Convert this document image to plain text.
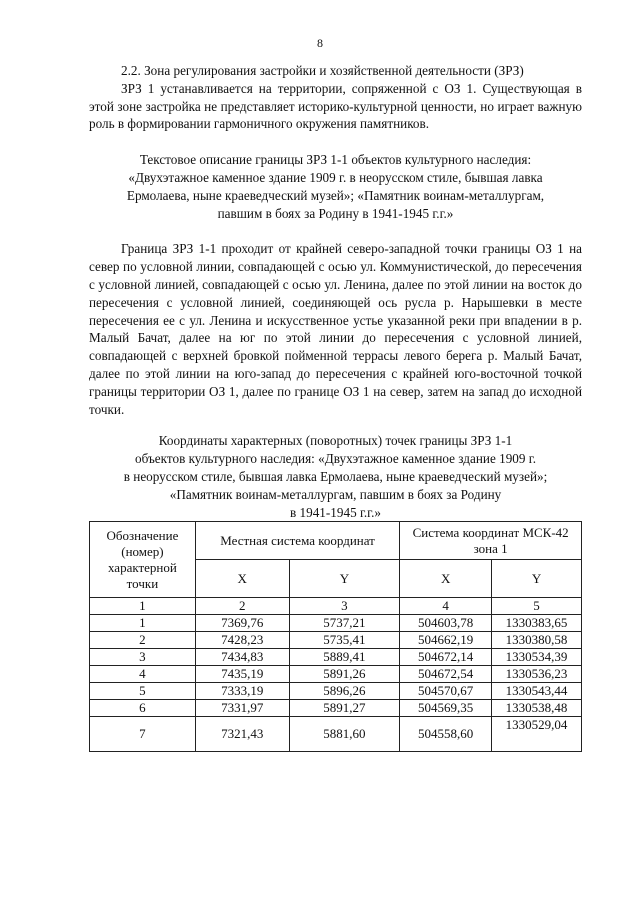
8

2.2. Зона регулирования застройки и хозяйственной деятельности (ЗРЗ)

ЗРЗ 1 устанавливается на территории, сопряженной с ОЗ 1. Существующая в этой зоне застройка не представляет историко-культурной ценности, но играет важную роль в формировании гармоничного окружения памятников.

Текстовое описание границы ЗРЗ 1-1 объектов культурного наследия:

«Двухэтажное каменное здание 1909 г. в неорусском стиле, бывшая лавка

Ермолаева, ныне краеведческий музей»; «Памятник воинам-металлургам,

павшим в боях за Родину в 1941-1945 г.г.»

Граница ЗРЗ 1-1 проходит от крайней северо-западной точки границы ОЗ 1 на север по условной линии, совпадающей с осью ул. Коммунистической, до пересечения с условной линией, совпадающей с осью ул. Ленина, далее по этой линии на восток до пересечения с условной линией, соединяющей ось русла р. Нарышевки в месте пересечения ее с ул. Ленина и искусственное устье указанной реки при впадении в р. Малый Бачат, далее на юг по этой линии до пересечения с условной линией, совпадающей с верхней бровкой пойменной террасы левого берега р. Малый Бачат, далее по этой линии на юго-запад до пересечения с крайней юго-восточной точкой границы территории ОЗ 1, далее по границе ОЗ 1 на север, затем на запад до исходной точки.

Координаты характерных (поворотных) точек границы ЗРЗ 1-1

объектов культурного наследия: «Двухэтажное каменное здание 1909 г.

в неорусском стиле, бывшая лавка Ермолаева, ныне краеведческий музей»;

«Памятник воинам-металлургам, павшим в боях за Родину

в 1941-1945 г.г.»

Обозначение (номер) характерной точки	Местная система координат		Система координат МСК-42 зона 1	
	X	Y	X	Y
1	2	3	4	5
1	7369,76	5737,21	504603,78	1330383,65
2	7428,23	5735,41	504662,19	1330380,58
3	7434,83	5889,41	504672,14	1330534,39
4	7435,19	5891,26	504672,54	1330536,23
5	7333,19	5896,26	504570,67	1330543,44
6	7331,97	5891,27	504569,35	1330538,48
7	7321,43	5881,60	504558,60	1330529,04
